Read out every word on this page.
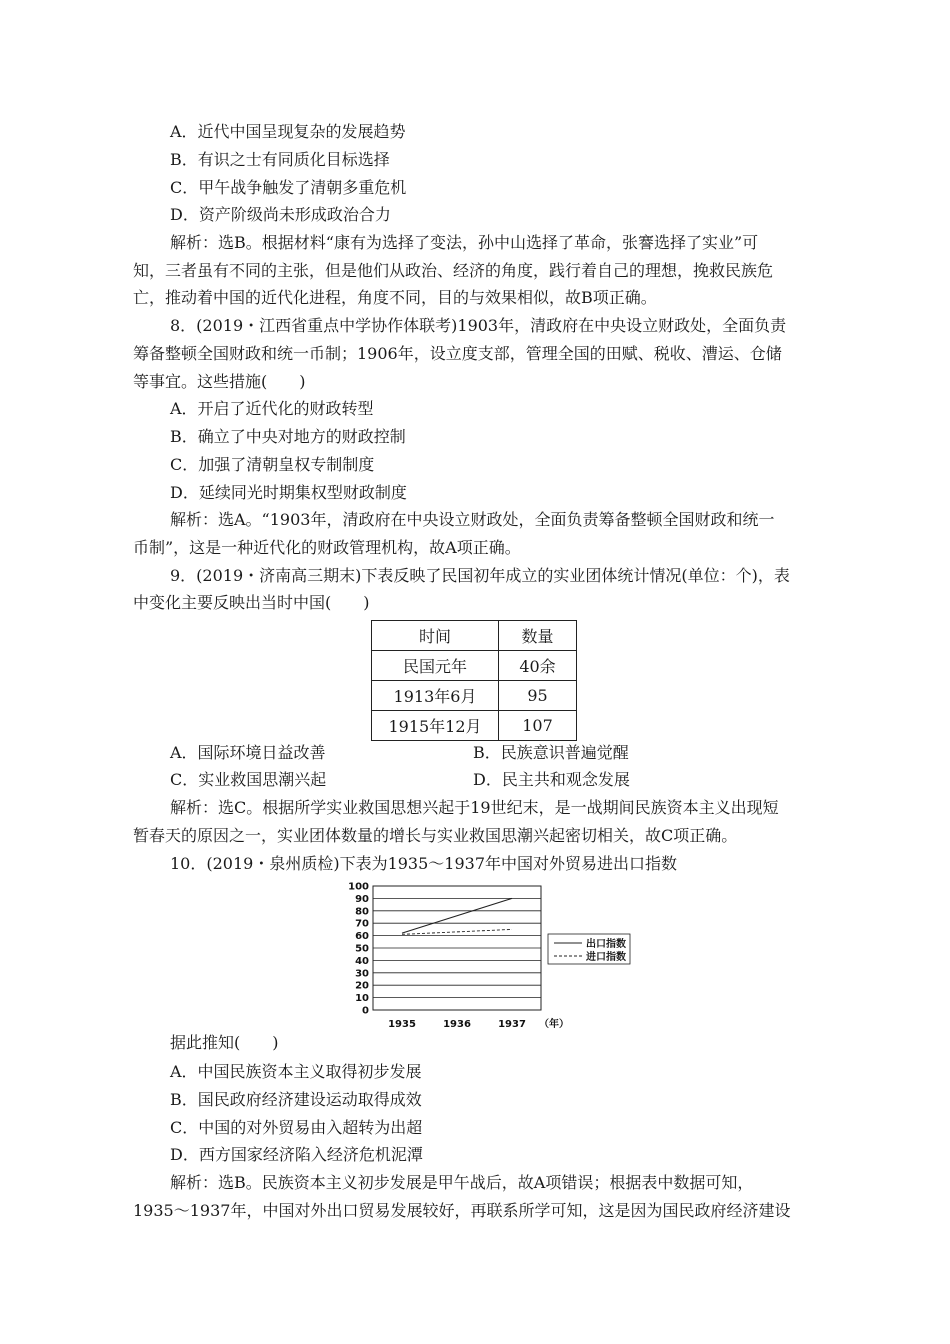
A．近代中国呈现复杂的发展趋势
B．有识之士有同质化目标选择
C．甲午战争触发了清朝多重危机
D．资产阶级尚未形成政治合力
解析：选B。根据材料“康有为选择了变法，孙中山选择了革命，张謇选择了实业”可
知，三者虽有不同的主张，但是他们从政治、经济的角度，践行着自己的理想，挽救民族危
亡，推动着中国的近代化进程，角度不同，目的与效果相似，故B项正确。
8．(2019・江西省重点中学协作体联考)1903年，清政府在中央设立财政处，全面负责
筹备整顿全国财政和统一币制；1906年，设立度支部，管理全国的田赋、税收、漕运、仓储
等事宜。这些措施(　　)
A．开启了近代化的财政转型
B．确立了中央对地方的财政控制
C．加强了清朝皇权专制制度
D．延续同光时期集权型财政制度
解析：选A。“1903年，清政府在中央设立财政处，全面负责筹备整顿全国财政和统一
币制”，这是一种近代化的财政管理机构，故A项正确。
9．(2019・济南高三期末)下表反映了民国初年成立的实业团体统计情况(单位：个)，表
中变化主要反映出当时中国(　　)
时间	数量
民国元年	40余
1913年6月	95
1915年12月	107
A．国际环境日益改善	B．民族意识普遍觉醒
C．实业救国思潮兴起	D．民主共和观念发展
解析：选C。根据所学实业救国思想兴起于19世纪末，是一战期间民族资本主义出现短
暂春天的原因之一，实业团体数量的增长与实业救国思潮兴起密切相关，故C项正确。
10．(2019・泉州质检)下表为1935～1937年中国对外贸易进出口指数
0
10
20
30
40
50
60
70
80
90
100
1935	1936	1937 （年）
出口指数
进口指数
据此推知(　　)
A．中国民族资本主义取得初步发展
B．国民政府经济建设运动取得成效
C．中国的对外贸易由入超转为出超
D．西方国家经济陷入经济危机泥潭
解析：选B。民族资本主义初步发展是甲午战后，故A项错误；根据表中数据可知，
1935～1937年，中国对外出口贸易发展较好，再联系所学可知，这是因为国民政府经济建设
